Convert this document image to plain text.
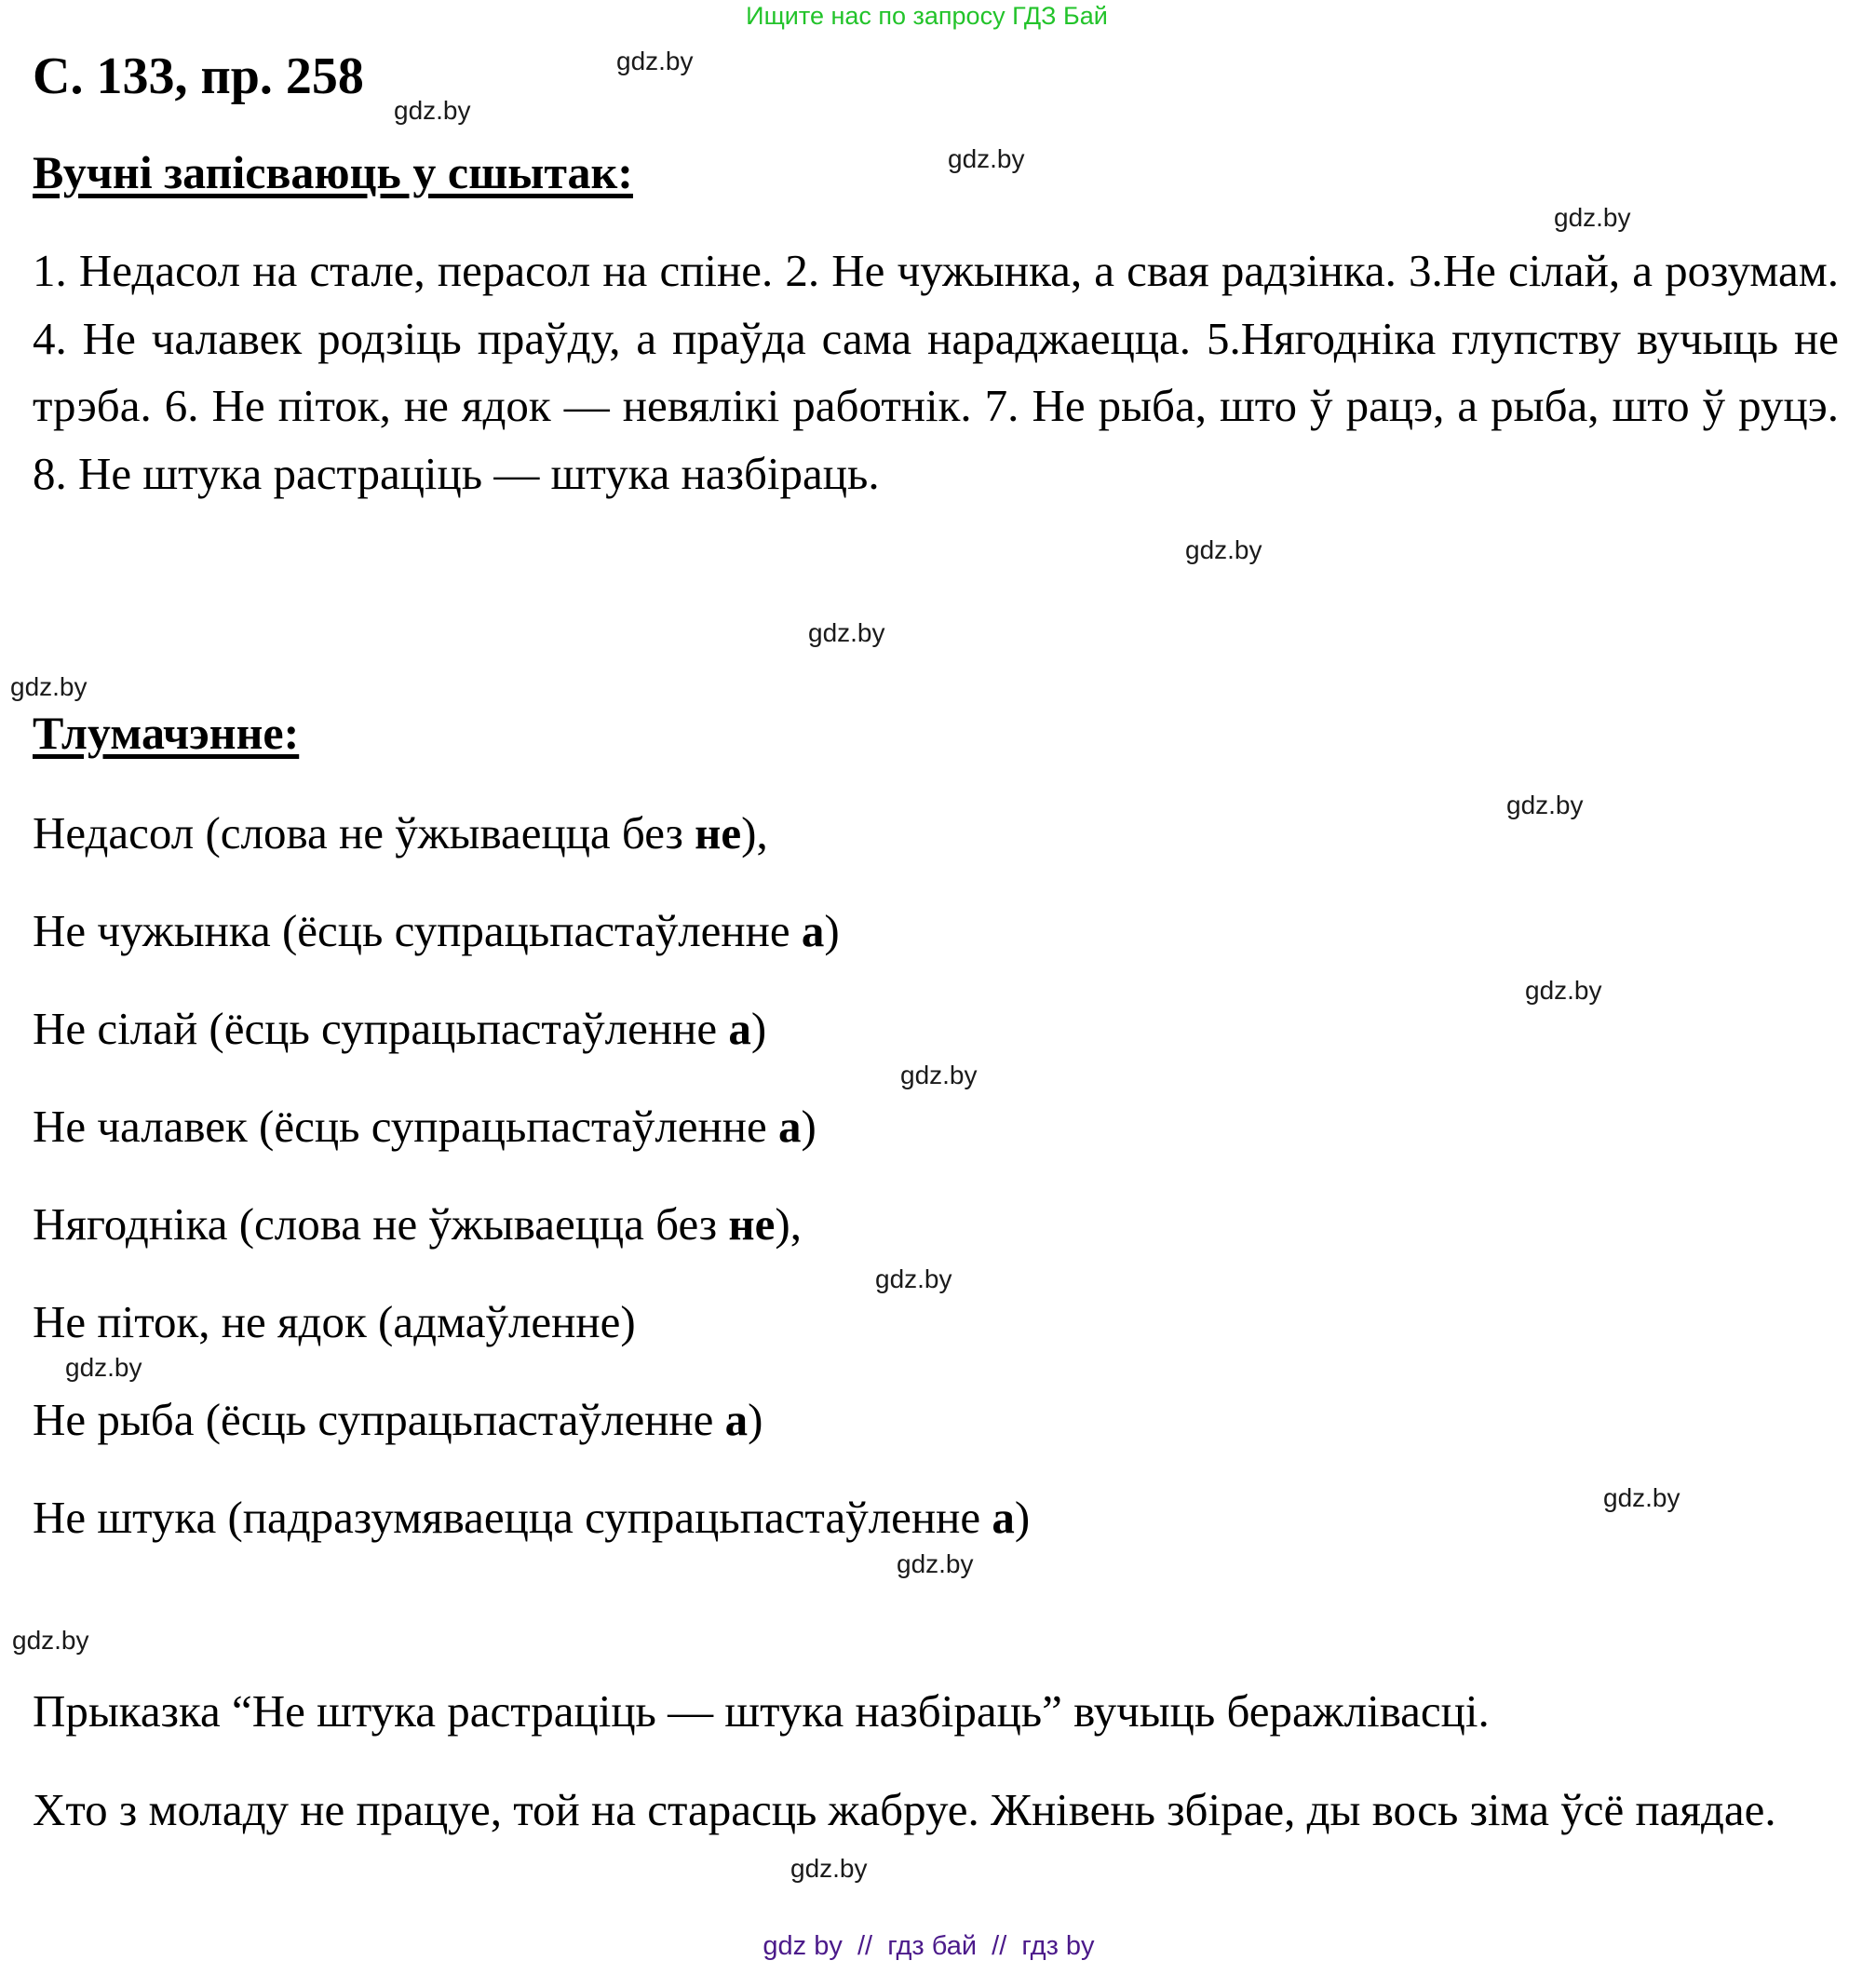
Ищите нас по запросу ГДЗ Бай
С. 133, пр. 258
Вучні запісваюць у сшытак:
1. Недасол на стале, перасол на спіне. 2. Не чужынка, а свая радзінка. 3.Не сілай, а розумам. 4. Не чалавек родзіць праўду, а праўда сама нараджаецца. 5.Нягодніка глупству вучыць не трэба. 6. Не піток, не ядок — невялікі работнік. 7. Не рыба, што ў рацэ, а рыба, што ў руцэ. 8. Не штука растраціць — штука назбіраць.
Тлумачэнне:
Недасол (слова не ўжываецца без не),
Не чужынка (ёсць супрацьпастаўленне а)
Не сілай (ёсць супрацьпастаўленне а)
Не чалавек (ёсць супрацьпастаўленне а)
Нягодніка (слова не ўжываецца без не),
Не піток, не ядок (адмаўленне)
Не рыба (ёсць супрацьпастаўленне а)
Не штука (падразумяваецца супрацьпастаўленне а)
Прыказка “Не штука растраціць — штука назбіраць” вучыць беражлівасці.
Хто з моладу не працуе, той на старасць жабруе. Жнівень збірае, ды вось зіма ўсё паядае.
gdz.by
gdz.by
gdz.by
gdz.by
gdz.by
gdz.by
gdz.by
gdz.by
gdz.by
gdz.by
gdz.by
gdz.by
gdz.by
gdz.by
gdz.by
gdz.by
gdz by  //  гдз бай  //  гдз by
